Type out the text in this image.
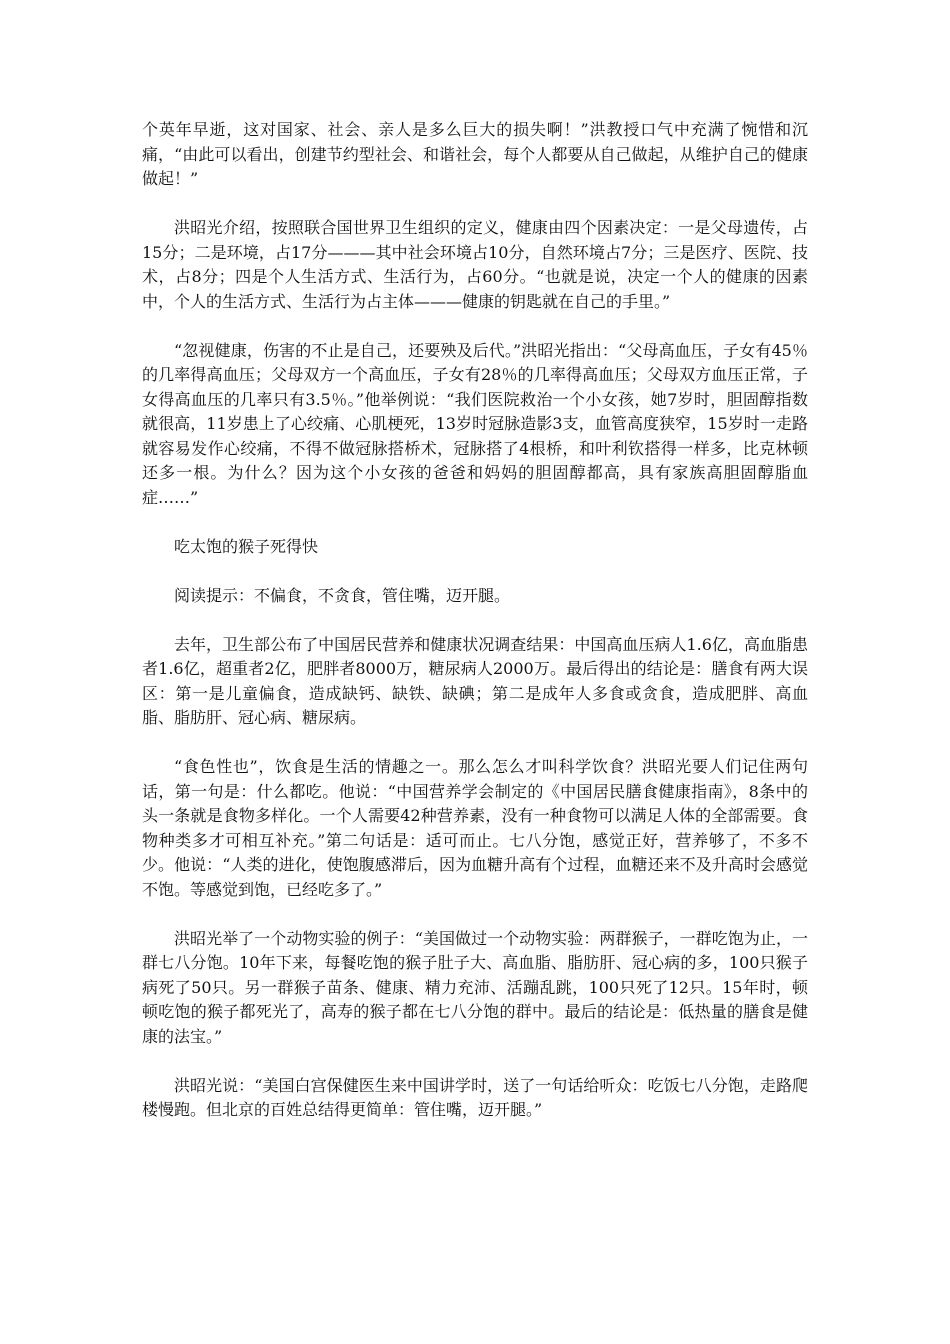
个英年早逝，这对国家、社会、亲人是多么巨大的损失啊！”洪教授口气中充满了惋惜和沉痛，“由此可以看出，创建节约型社会、和谐社会，每个人都要从自己做起，从维护自己的健康做起！”

洪昭光介绍，按照联合国世界卫生组织的定义，健康由四个因素决定：一是父母遗传，占15分；二是环境，占17分———其中社会环境占10分，自然环境占7分；三是医疗、医院、技术，占8分；四是个人生活方式、生活行为，占60分。“也就是说，决定一个人的健康的因素中，个人的生活方式、生活行为占主体———健康的钥匙就在自己的手里。”

“忽视健康，伤害的不止是自己，还要殃及后代。”洪昭光指出：“父母高血压，子女有45％的几率得高血压；父母双方一个高血压，子女有28％的几率得高血压；父母双方血压正常，子女得高血压的几率只有3.5％。”他举例说：“我们医院救治一个小女孩，她7岁时，胆固醇指数就很高，11岁患上了心绞痛、心肌梗死，13岁时冠脉造影3支，血管高度狭窄，15岁时一走路就容易发作心绞痛，不得不做冠脉搭桥术，冠脉搭了4根桥，和叶利钦搭得一样多，比克林顿还多一根。为什么？因为这个小女孩的爸爸和妈妈的胆固醇都高，具有家族高胆固醇脂血症……”

吃太饱的猴子死得快

阅读提示：不偏食，不贪食，管住嘴，迈开腿。

去年，卫生部公布了中国居民营养和健康状况调查结果：中国高血压病人1.6亿，高血脂患者1.6亿，超重者2亿，肥胖者8000万，糖尿病人2000万。最后得出的结论是：膳食有两大误区：第一是儿童偏食，造成缺钙、缺铁、缺碘；第二是成年人多食或贪食，造成肥胖、高血脂、脂肪肝、冠心病、糖尿病。

“食色性也”，饮食是生活的情趣之一。那么怎么才叫科学饮食？洪昭光要人们记住两句话，第一句是：什么都吃。他说：“中国营养学会制定的《中国居民膳食健康指南》，8条中的头一条就是食物多样化。一个人需要42种营养素，没有一种食物可以满足人体的全部需要。食物种类多才可相互补充。”第二句话是：适可而止。七八分饱，感觉正好，营养够了，不多不少。他说：“人类的进化，使饱腹感滞后，因为血糖升高有个过程，血糖还来不及升高时会感觉不饱。等感觉到饱，已经吃多了。”

洪昭光举了一个动物实验的例子：“美国做过一个动物实验：两群猴子，一群吃饱为止，一群七八分饱。10年下来，每餐吃饱的猴子肚子大、高血脂、脂肪肝、冠心病的多，100只猴子病死了50只。另一群猴子苗条、健康、精力充沛、活蹦乱跳，100只死了12只。15年时，顿顿吃饱的猴子都死光了，高寿的猴子都在七八分饱的群中。最后的结论是：低热量的膳食是健康的法宝。”

洪昭光说：“美国白宫保健医生来中国讲学时，送了一句话给听众：吃饭七八分饱，走路爬楼慢跑。但北京的百姓总结得更简单：管住嘴，迈开腿。”
